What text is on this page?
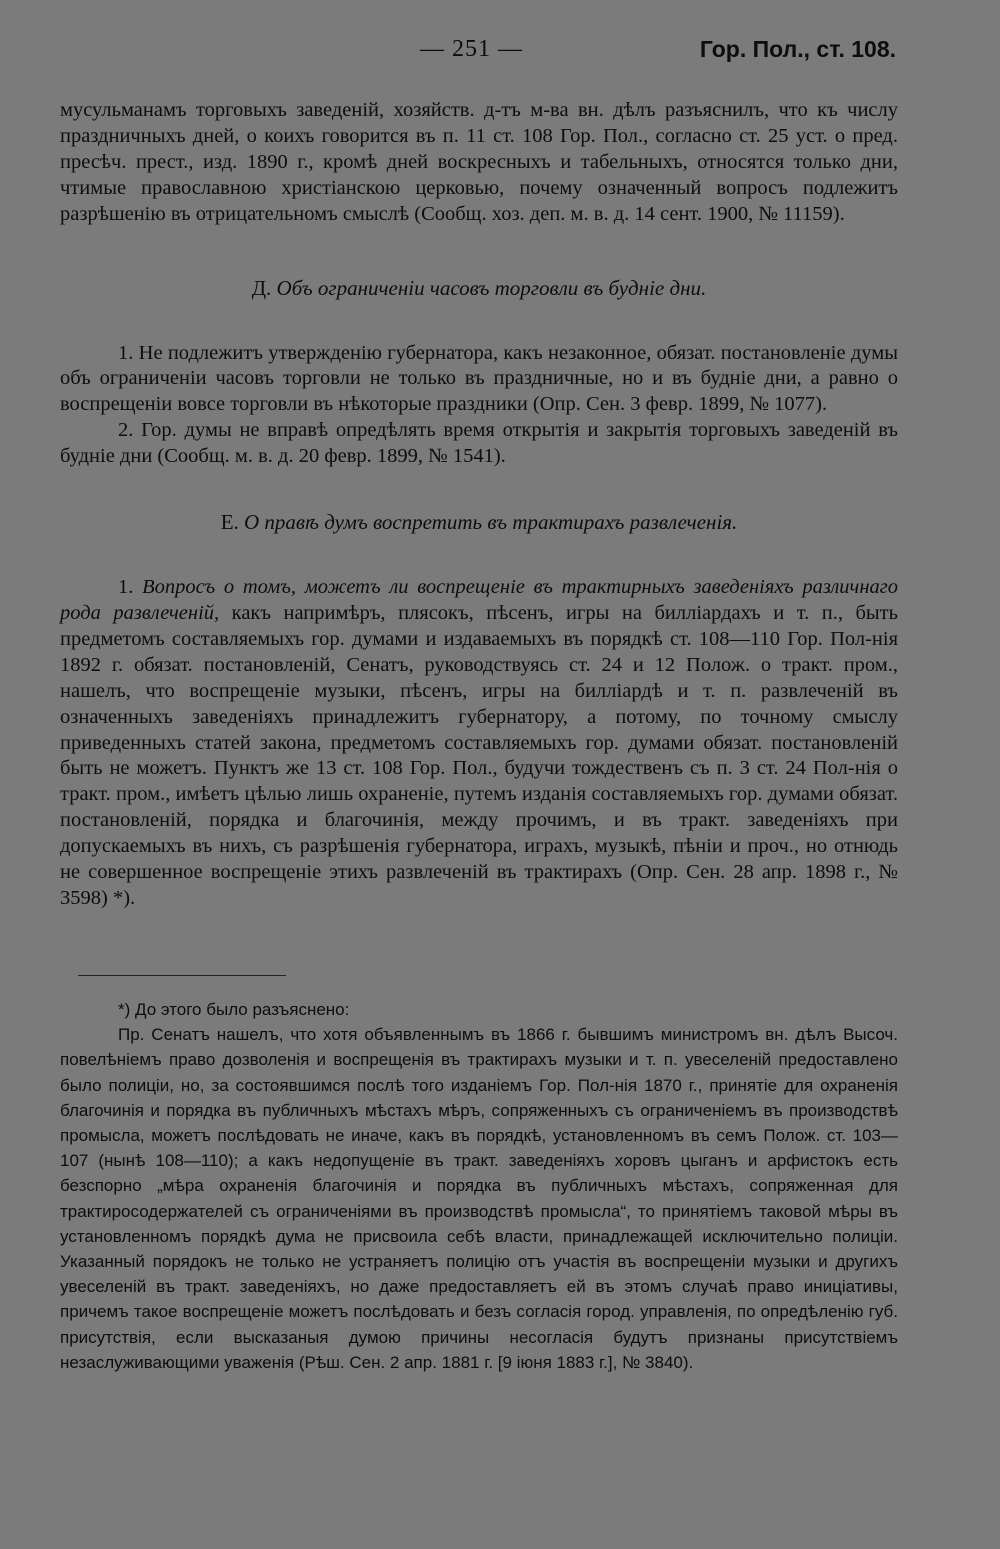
— 251 —	Гор. Пол., ст. 108.

мусульманамъ торговыхъ заведеній, хозяйств. д-тъ м-ва вн. дѣлъ разъяснилъ, что къ числу праздничныхъ дней, о коихъ говорится въ п. 11 ст. 108 Гор. Пол., согласно ст. 25 уст. о пред. пресѣч. прест., изд. 1890 г., кромѣ дней воскресныхъ и табельныхъ, относятся только дни, чтимые православною христіанскою церковью, почему означенный вопросъ подлежитъ разрѣшенію въ отрицательномъ смыслѣ (Сообщ. хоз. деп. м. в. д. 14 сент. 1900, № 11159).

Д. Объ ограниченіи часовъ торговли въ будніе дни.

1. Не подлежитъ утвержденію губернатора, какъ незаконное, обязат. постановленіе думы объ ограниченіи часовъ торговли не только въ праздничные, но и въ будніе дни, а равно о воспрещеніи вовсе торговли въ нѣкоторые праздники (Опр. Сен. 3 февр. 1899, № 1077).

2. Гор. думы не вправѣ опредѣлять время открытія и закрытія торговыхъ заведеній въ будніе дни (Сообщ. м. в. д. 20 февр. 1899, № 1541).

Е. О правѣ думъ воспретить въ трактирахъ развлеченія.

1. Вопросъ о томъ, можетъ ли воспрещеніе въ трактирныхъ заведеніяхъ различнаго рода развлеченій, какъ напримѣръ, плясокъ, пѣсенъ, игры на билліардахъ и т. п., быть предметомъ составляемыхъ гор. думами и издаваемыхъ въ порядкѣ ст. 108—110 Гор. Пол-нія 1892 г. обязат. постановленій, Сенатъ, руководствуясь ст. 24 и 12 Полож. о тракт. пром., нашелъ, что воспрещеніе музыки, пѣсенъ, игры на билліардѣ и т. п. развлеченій въ означенныхъ заведеніяхъ принадлежитъ губернатору, а потому, по точному смыслу приведенныхъ статей закона, предметомъ составляемыхъ гор. думами обязат. постановленій быть не можетъ. Пунктъ же 13 ст. 108 Гор. Пол., будучи тождественъ съ п. 3 ст. 24 Пол-нія о тракт. пром., имѣетъ цѣлью лишь охраненіе, путемъ изданія составляемыхъ гор. думами обязат. постановленій, порядка и благочинія, между прочимъ, и въ тракт. заведеніяхъ при допускаемыхъ въ нихъ, съ разрѣшенія губернатора, играхъ, музыкѣ, пѣніи и проч., но отнюдь не совершенное воспрещеніе этихъ развлеченій въ трактирахъ (Опр. Сен. 28 апр. 1898 г., № 3598) *).

*) До этого было разъяснено:

Пр. Сенатъ нашелъ, что хотя объявленнымъ въ 1866 г. бывшимъ министромъ вн. дѣлъ Высоч. повелѣніемъ право дозволенія и воспрещенія въ трактирахъ музыки и т. п. увеселеній предоставлено было полиціи, но, за состоявшимся послѣ того изданіемъ Гор. Пол-нія 1870 г., принятіе для охраненія благочинія и порядка въ публичныхъ мѣстахъ мѣръ, сопряженныхъ съ ограниченіемъ въ производствѣ промысла, можетъ послѣдовать не иначе, какъ въ порядкѣ, установленномъ въ семъ Полож. ст. 103—107 (нынѣ 108—110); а какъ недопущеніе въ тракт. заведеніяхъ хоровъ цыганъ и арфистокъ есть безспорно „мѣра охраненія благочинія и порядка въ публичныхъ мѣстахъ, сопряженная для трактиросодержателей съ ограниченіями въ производствѣ промысла“, то принятіемъ таковой мѣры въ установленномъ порядкѣ дума не присвоила себѣ власти, принадлежащей исключительно полиціи. Указанный порядокъ не только не устраняетъ полицію отъ участія въ воспрещеніи музыки и другихъ увеселеній въ тракт. заведеніяхъ, но даже предоставляетъ ей въ этомъ случаѣ право иниціативы, причемъ такое воспрещеніе можетъ послѣдовать и безъ согласія город. управленія, по опредѣленію губ. присутствія, если высказаныя думою причины несогласія будутъ признаны присутствіемъ незаслуживающими уваженія (Рѣш. Сен. 2 апр. 1881 г. [9 іюня 1883 г.], № 3840).
